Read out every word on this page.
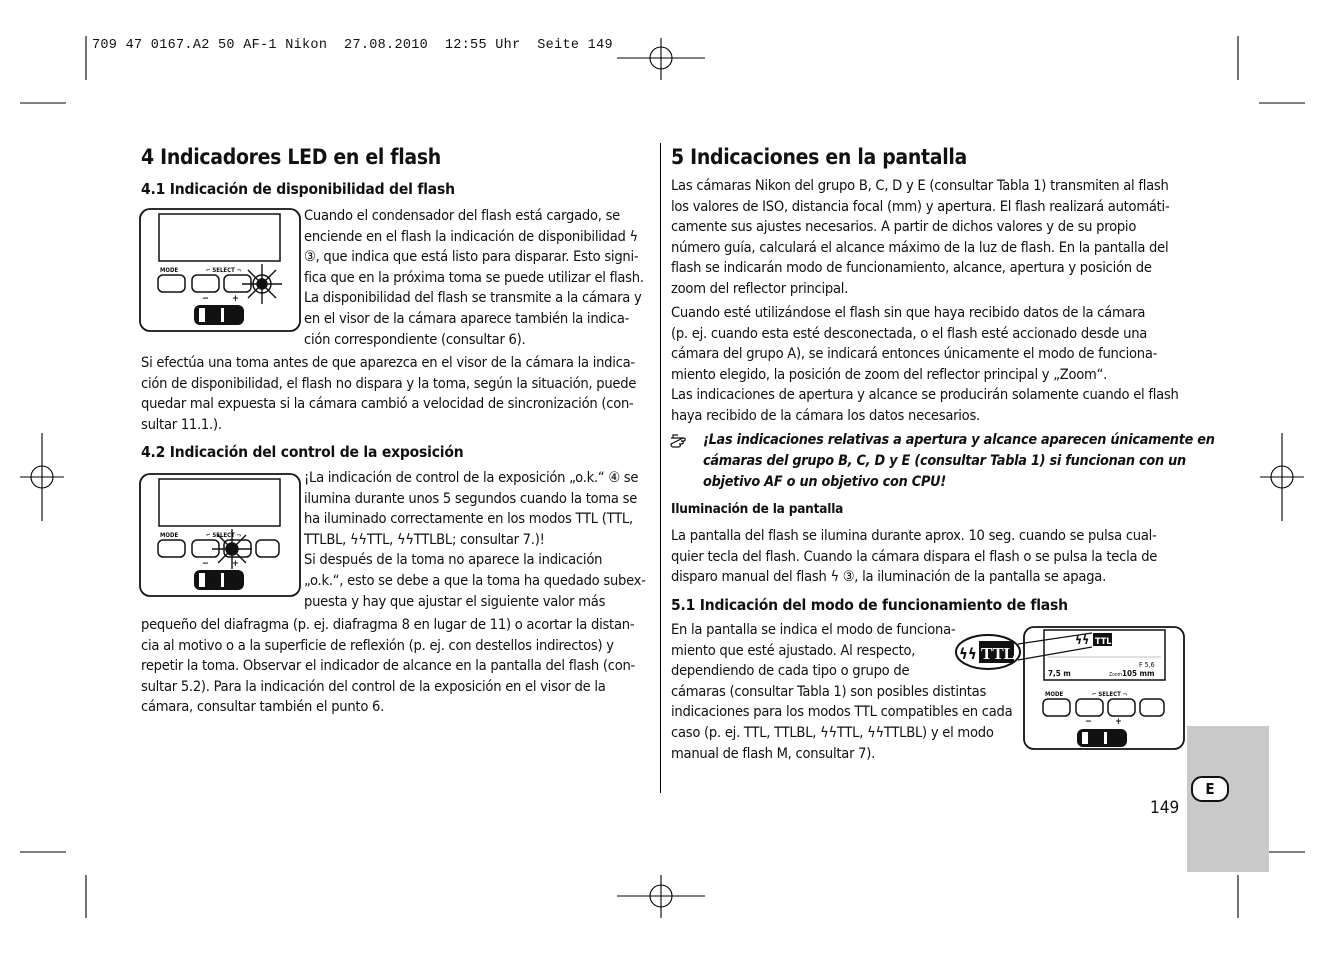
709 47 0167.A2 50 AF-1 Nikon  27.08.2010  12:55 Uhr  Seite 149
4 Indicadores LED en el flash
4.1 Indicación de disponibilidad del flash
MODE	⌐ SELECT ¬
−	+
Cuando el condensador del flash está cargado, se
enciende en el flash la indicación de disponibilidad ϟ
③, que indica que está listo para disparar. Esto signi-
fica que en la próxima toma se puede utilizar el flash.
La disponibilidad del flash se transmite a la cámara y
en el visor de la cámara aparece también la indica-
ción correspondiente (consultar 6).
Si efectúa una toma antes de que aparezca en el visor de la cámara la indica-
ción de disponibilidad, el flash no dispara y la toma, según la situación, puede
quedar mal expuesta si la cámara cambió a velocidad de sincronización (con-
sultar 11.1.).
4.2 Indicación del control de la exposición
MODE	⌐ SELECT ¬
−	+
¡La indicación de control de la exposición „o.k.“ ④ se
ilumina durante unos 5 segundos cuando la toma se
ha iluminado correctamente en los modos TTL (TTL,
TTLBL, ϟϟTTL, ϟϟTTLBL; consultar 7.)!
Si después de la toma no aparece la indicación
„o.k.“, esto se debe a que la toma ha quedado subex-
puesta y hay que ajustar el siguiente valor más
pequeño del diafragma (p. ej. diafragma 8 en lugar de 11) o acortar la distan-
cia al motivo o a la superficie de reflexión (p. ej. con destellos indirectos) y
repetir la toma. Observar el indicador de alcance en la pantalla del flash (con-
sultar 5.2). Para la indicación del control de la exposición en el visor de la
cámara, consultar también el punto 6.
5 Indicaciones en la pantalla
Las cámaras Nikon del grupo B, C, D y E (consultar Tabla 1) transmiten al flash
los valores de ISO, distancia focal (mm) y apertura. El flash realizará automáti-
camente sus ajustes necesarios. A partir de dichos valores y de su propio
número guía, calculará el alcance máximo de la luz de flash. En la pantalla del
flash se indicarán modo de funcionamiento, alcance, apertura y posición de
zoom del reflector principal.
Cuando esté utilizándose el flash sin que haya recibido datos de la cámara
(p. ej. cuando esta esté desconectada, o el flash esté accionado desde una
cámara del grupo A), se indicará entonces únicamente el modo de funciona-
miento elegido, la posición de zoom del reflector principal y „Zoom“.
Las indicaciones de apertura y alcance se producirán solamente cuando el flash
haya recibido de la cámara los datos necesarios.
¡Las indicaciones relativas a apertura y alcance aparecen únicamente en
cámaras del grupo B, C, D y E (consultar Tabla 1) si funcionan con un
objetivo AF o un objetivo con CPU!
Iluminación de la pantalla
La pantalla del flash se ilumina durante aprox. 10 seg. cuando se pulsa cual-
quier tecla del flash. Cuando la cámara dispara el flash o se pulsa la tecla de
disparo manual del flash ϟ ③, la iluminación de la pantalla se apaga.
5.1 Indicación del modo de funcionamiento de flash
En la pantalla se indica el modo de funciona-
miento que esté ajustado. Al respecto,
dependiendo de cada tipo o grupo de
cámaras (consultar Tabla 1) son posibles distintas
indicaciones para los modos TTL compatibles en cada
caso (p. ej. TTL, TTLBL, ϟϟTTL, ϟϟTTLBL) y el modo
manual de flash M, consultar 7).
TTL
ϟϟ
7,5 m
F 5,6
Zoom 105 mm
MODE	⌐ SELECT ¬
−	+
TTL
ϟϟ
E
149
